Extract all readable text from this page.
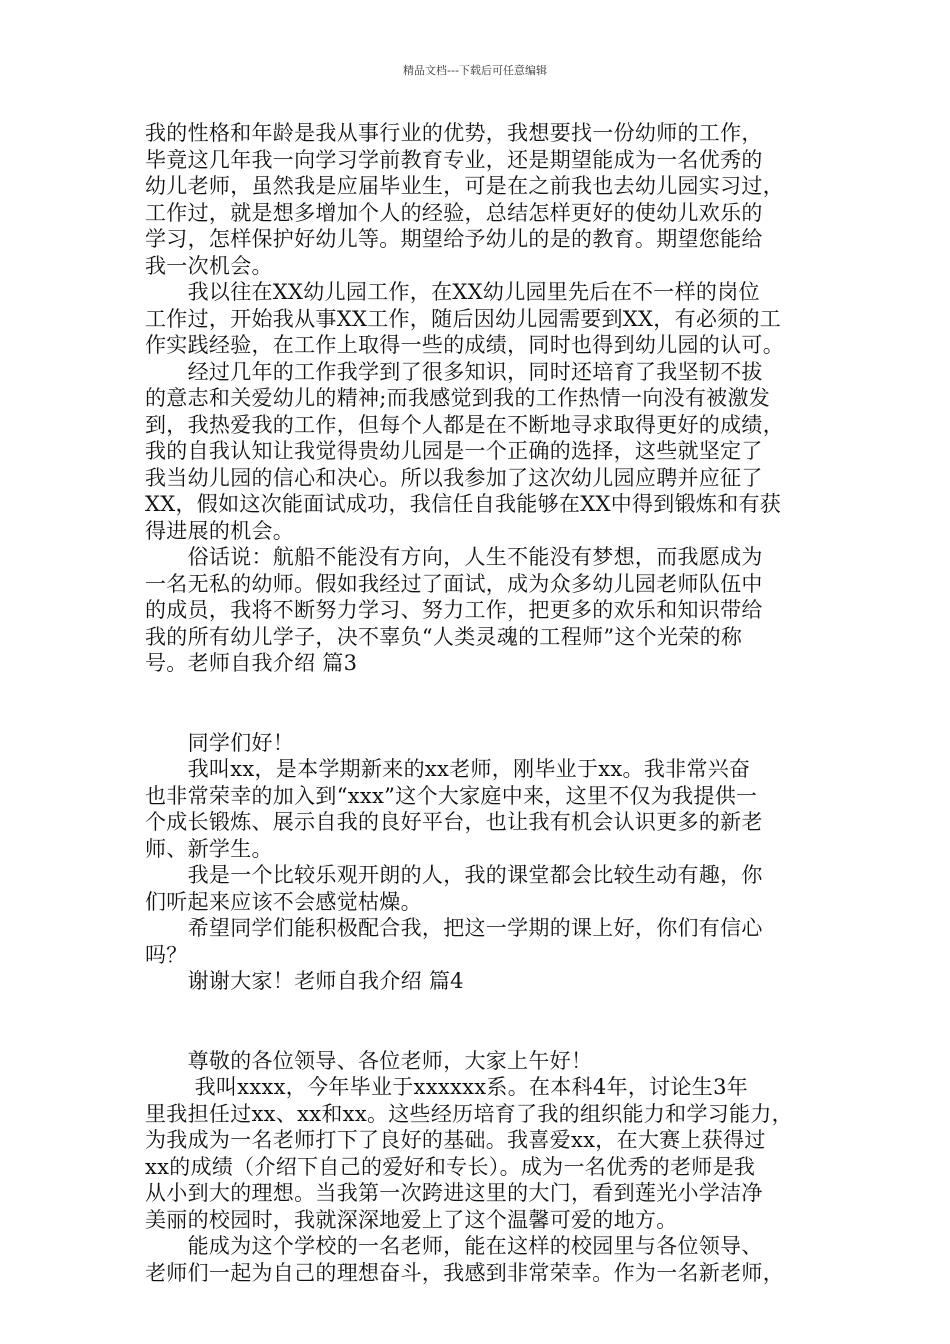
精品文档---下载后可任意编辑
我的性格和年龄是我从事行业的优势，我想要找一份幼师的工作，
毕竟这几年我一向学习学前教育专业，还是期望能成为一名优秀的
幼儿老师，虽然我是应届毕业生，可是在之前我也去幼儿园实习过，
工作过，就是想多增加个人的经验，总结怎样更好的使幼儿欢乐的
学习，怎样保护好幼儿等。期望给予幼儿的是的教育。期望您能给
我一次机会。
　　我以往在XX幼儿园工作，在XX幼儿园里先后在不一样的岗位
工作过，开始我从事XX工作，随后因幼儿园需要到XX，有必须的工
作实践经验，在工作上取得一些的成绩，同时也得到幼儿园的认可。
　　经过几年的工作我学到了很多知识，同时还培育了我坚韧不拔
的意志和关爱幼儿的精神;而我感觉到我的工作热情一向没有被激发
到，我热爱我的工作，但每个人都是在不断地寻求取得更好的成绩，
我的自我认知让我觉得贵幼儿园是一个正确的选择，这些就坚定了
我当幼儿园的信心和决心。所以我参加了这次幼儿园应聘并应征了
XX，假如这次能面试成功，我信任自我能够在XX中得到锻炼和有获
得进展的机会。
　　俗话说：航船不能没有方向，人生不能没有梦想，而我愿成为
一名无私的幼师。假如我经过了面试，成为众多幼儿园老师队伍中
的成员，我将不断努力学习、努力工作，把更多的欢乐和知识带给
我的所有幼儿学子，决不辜负“人类灵魂的工程师”这个光荣的称
号。老师自我介绍 篇3
　　同学们好！
　　我叫xx，是本学期新来的xx老师，刚毕业于xx。我非常兴奋
也非常荣幸的加入到“xxx”这个大家庭中来，这里不仅为我提供一
个成长锻炼、展示自我的良好平台，也让我有机会认识更多的新老
师、新学生。
　　我是一个比较乐观开朗的人，我的课堂都会比较生动有趣，你
们听起来应该不会感觉枯燥。
　　希望同学们能积极配合我，把这一学期的课上好，你们有信心
吗？
　　谢谢大家！老师自我介绍 篇4
　　尊敬的各位领导、各位老师，大家上午好！
　　 我叫xxxx，今年毕业于xxxxxx系。在本科4年，讨论生3年
里我担任过xx、xx和xx。这些经历培育了我的组织能力和学习能力，
为我成为一名老师打下了良好的基础。我喜爱xx，在大赛上获得过
xx的成绩（介绍下自己的爱好和专长）。成为一名优秀的老师是我
从小到大的理想。当我第一次跨进这里的大门，看到莲光小学洁净
美丽的校园时，我就深深地爱上了这个温馨可爱的地方。
　　能成为这个学校的一名老师，能在这样的校园里与各位领导、
老师们一起为自己的理想奋斗，我感到非常荣幸。作为一名新老师，
